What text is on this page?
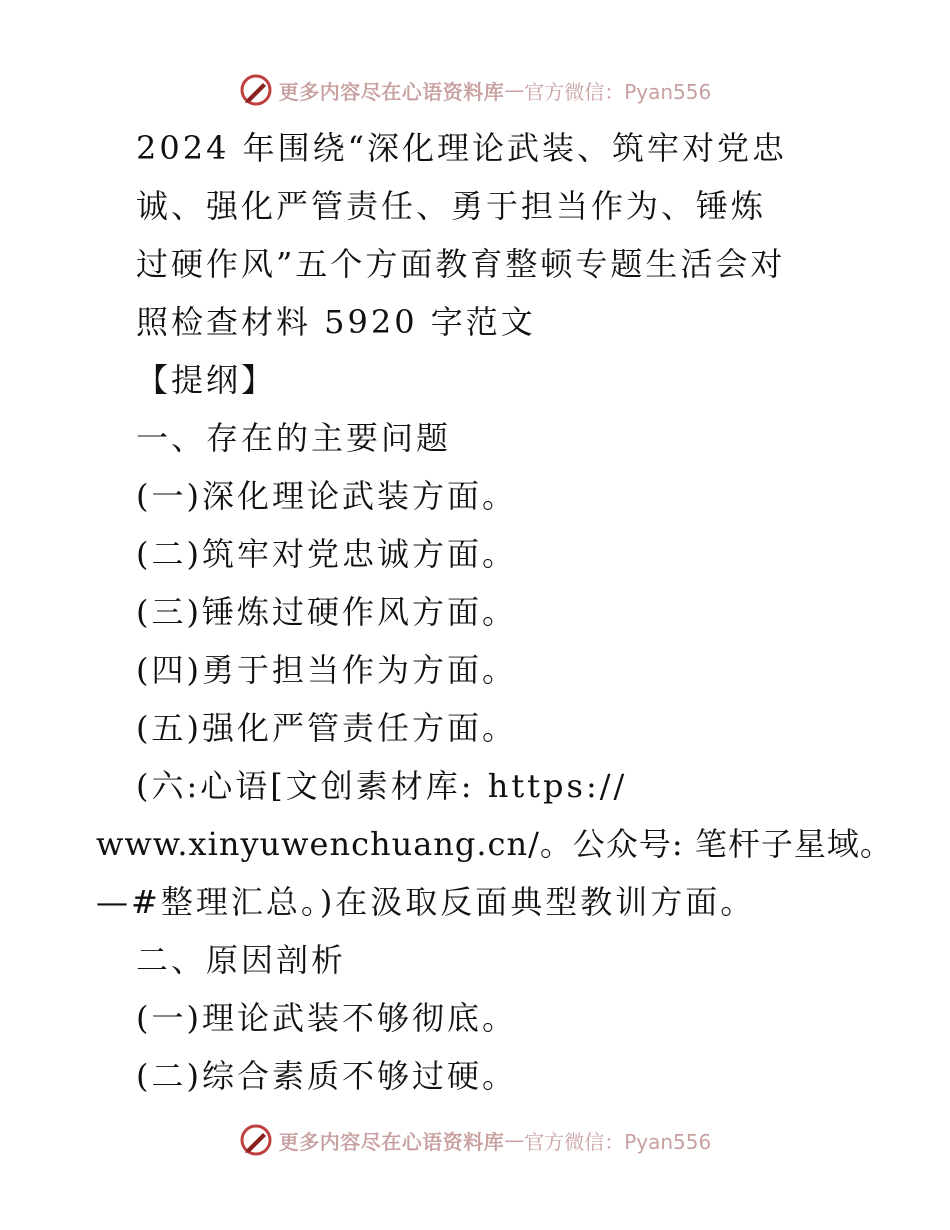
更多内容尽在心语资料库 — 官方微信：Pyan556
2024 年围绕“深化理论武装、筑牢对党忠
诚、强化严管责任、勇于担当作为、锤炼
过硬作风”五个方面教育整顿专题生活会对
照检查材料 5920 字范文
【提纲】
一、存在的主要问题
(一)深化理论武装方面。
(二)筑牢对党忠诚方面。
(三)锤炼过硬作风方面。
(四)勇于担当作为方面。
(五)强化严管责任方面。
(六:心语[文创素材库: https://
www.xinyuwenchuang.cn/。公众号: 笔杆子星域。
—#整理汇总。)在汲取反面典型教训方面。
二、原因剖析
(一)理论武装不够彻底。
(二)综合素质不够过硬。
更多内容尽在心语资料库 — 官方微信：Pyan556
